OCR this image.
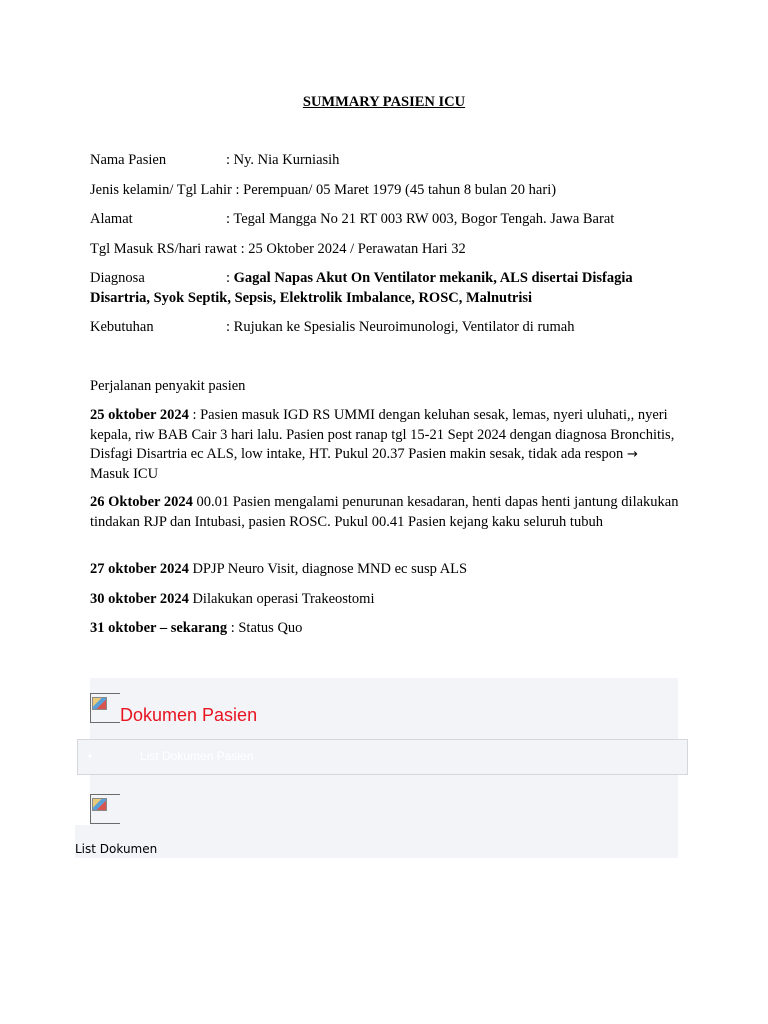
SUMMARY PASIEN ICU
Nama Pasien	: Ny. Nia Kurniasih
Jenis kelamin/ Tgl Lahir : Perempuan/ 05 Maret 1979 (45 tahun 8 bulan 20 hari)
Alamat	: Tegal Mangga No 21 RT 003 RW 003, Bogor Tengah. Jawa Barat
Tgl Masuk RS/hari rawat : 25 Oktober 2024 / Perawatan Hari 32
Diagnosa	: Gagal Napas Akut On Ventilator mekanik, ALS disertai Disfagia
Disartria, Syok Septik, Sepsis, Elektrolik Imbalance, ROSC, Malnutrisi
Kebutuhan	: Rujukan ke Spesialis Neuroimunologi, Ventilator di rumah
Perjalanan penyakit pasien
25 oktober 2024 : Pasien masuk IGD RS UMMI dengan keluhan sesak, lemas, nyeri uluhati,, nyeri kepala, riw BAB Cair 3 hari lalu. Pasien post ranap tgl 15-21 Sept 2024 dengan diagnosa Bronchitis, Disfagi Disartria ec ALS, low intake, HT. Pukul 20.37 Pasien makin sesak, tidak ada respon → Masuk ICU
26 Oktober 2024 00.01 Pasien mengalami penurunan kesadaran, henti dapas henti jantung dilakukan tindakan RJP dan Intubasi, pasien ROSC. Pukul 00.41 Pasien kejang kaku seluruh tubuh
27 oktober 2024 DPJP Neuro Visit, diagnose MND ec susp ALS
30 oktober 2024 Dilakukan operasi Trakeostomi
31 oktober – sekarang : Status Quo
Dokumen Pasien
•	List Dokumen Pasien
List Dokumen
